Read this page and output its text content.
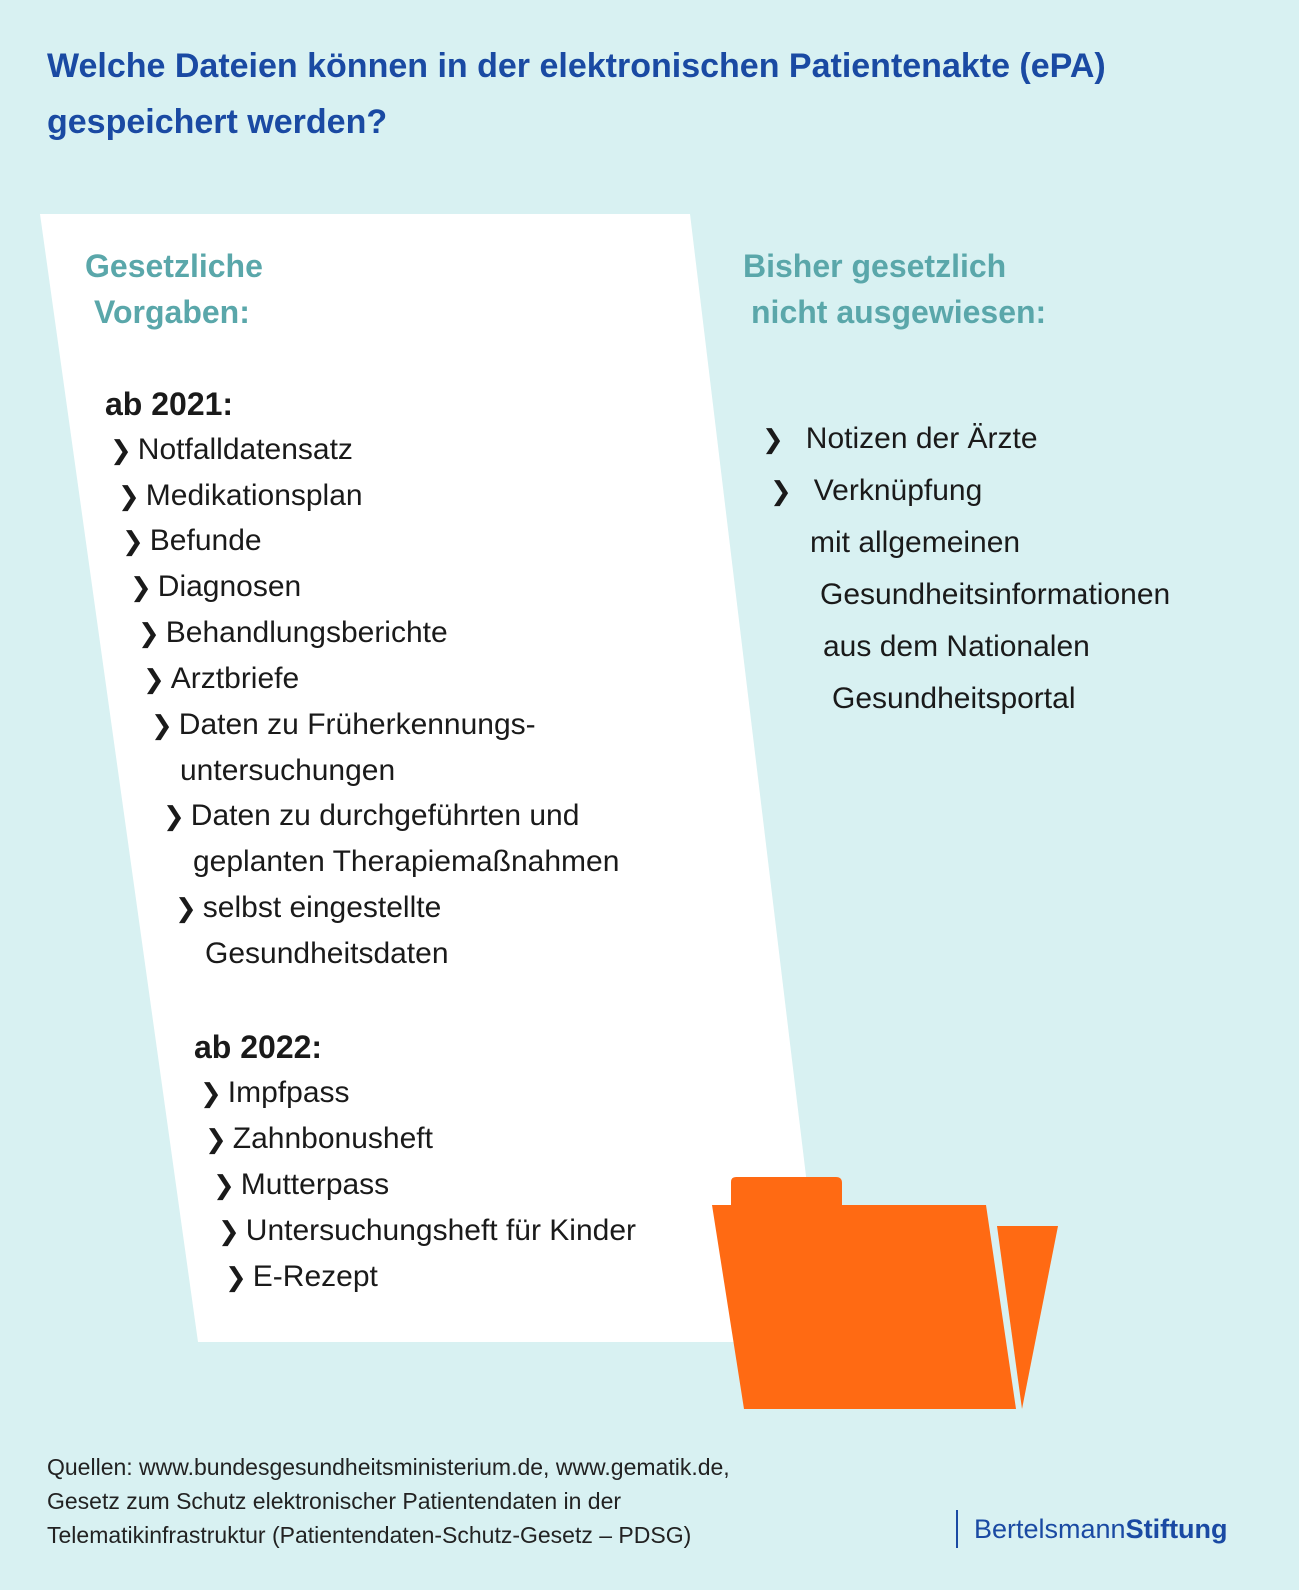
Welche Dateien können in der elektronischen Patientenakte (ePA)
gespeichert werden?
Gesetzliche
Vorgaben:
ab 2021:
❯ Notfalldatensatz
❯ Medikationsplan
❯ Befunde
❯ Diagnosen
❯ Behandlungsberichte
❯ Arztbriefe
❯ Daten zu Früherkennungs-
untersuchungen
❯ Daten zu durchgeführten und
geplanten Therapiemaßnahmen
❯ selbst eingestellte
Gesundheitsdaten
ab 2022:
❯ Impfpass
❯ Zahnbonusheft
❯ Mutterpass
❯ Untersuchungsheft für Kinder
❯ E-Rezept
Bisher gesetzlich
nicht ausgewiesen:
❯ Notizen der Ärzte
❯ Verknüpfung
mit allgemeinen
Gesundheitsinformationen
aus dem Nationalen
Gesundheitsportal
Quellen: www.bundesgesundheitsministerium.de, www.gematik.de,
Gesetz zum Schutz elektronischer Patientendaten in der
Telematikinfrastruktur (Patientendaten-Schutz-Gesetz – PDSG)	BertelsmannStiftung
